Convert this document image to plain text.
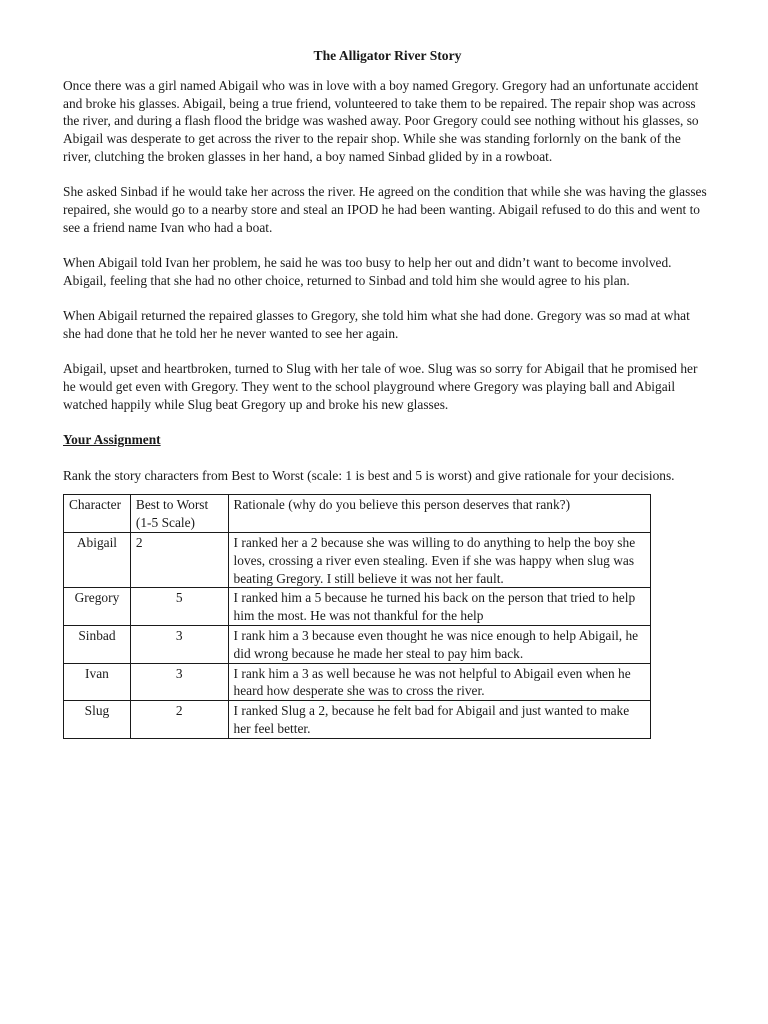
The Alligator River Story

Once there was a girl named Abigail who was in love with a boy named Gregory. Gregory had an unfortunate accident and broke his glasses. Abigail, being a true friend, volunteered to take them to be repaired. The repair shop was across the river, and during a flash flood the bridge was washed away. Poor Gregory could see nothing without his glasses, so Abigail was desperate to get across the river to the repair shop. While she was standing forlornly on the bank of the river, clutching the broken glasses in her hand, a boy named Sinbad glided by in a rowboat.

She asked Sinbad if he would take her across the river. He agreed on the condition that while she was having the glasses repaired, she would go to a nearby store and steal an IPOD he had been wanting. Abigail refused to do this and went to see a friend name Ivan who had a boat.

When Abigail told Ivan her problem, he said he was too busy to help her out and didn’t want to become involved. Abigail, feeling that she had no other choice, returned to Sinbad and told him she would agree to his plan.

When Abigail returned the repaired glasses to Gregory, she told him what she had done. Gregory was so mad at what she had done that he told her he never wanted to see her again.

Abigail, upset and heartbroken, turned to Slug with her tale of woe. Slug was so sorry for Abigail that he promised her he would get even with Gregory. They went to the school playground where Gregory was playing ball and Abigail watched happily while Slug beat Gregory up and broke his new glasses.

Your Assignment

Rank the story characters from Best to Worst (scale: 1 is best and 5 is worst) and give rationale for your decisions.

Character	Best to Worst (1-5 Scale)	Rationale (why do you believe this person deserves that rank?)
Abigail	2	I ranked her a 2 because she was willing to do anything to help the boy she loves, crossing a river even stealing. Even if she was happy when slug was beating Gregory. I still believe it was not her fault.
Gregory	5	I ranked him a 5 because he turned his back on the person that tried to help him the most. He was not thankful for the help
Sinbad	3	I rank him a 3 because even thought he was nice enough to help Abigail, he did wrong because he made her steal to pay him back.
Ivan	3	I rank him a 3 as well because he was not helpful to Abigail even when he heard how desperate she was to cross the river.
Slug	2	I ranked Slug a 2, because he felt bad for Abigail and just wanted to make her feel better.
